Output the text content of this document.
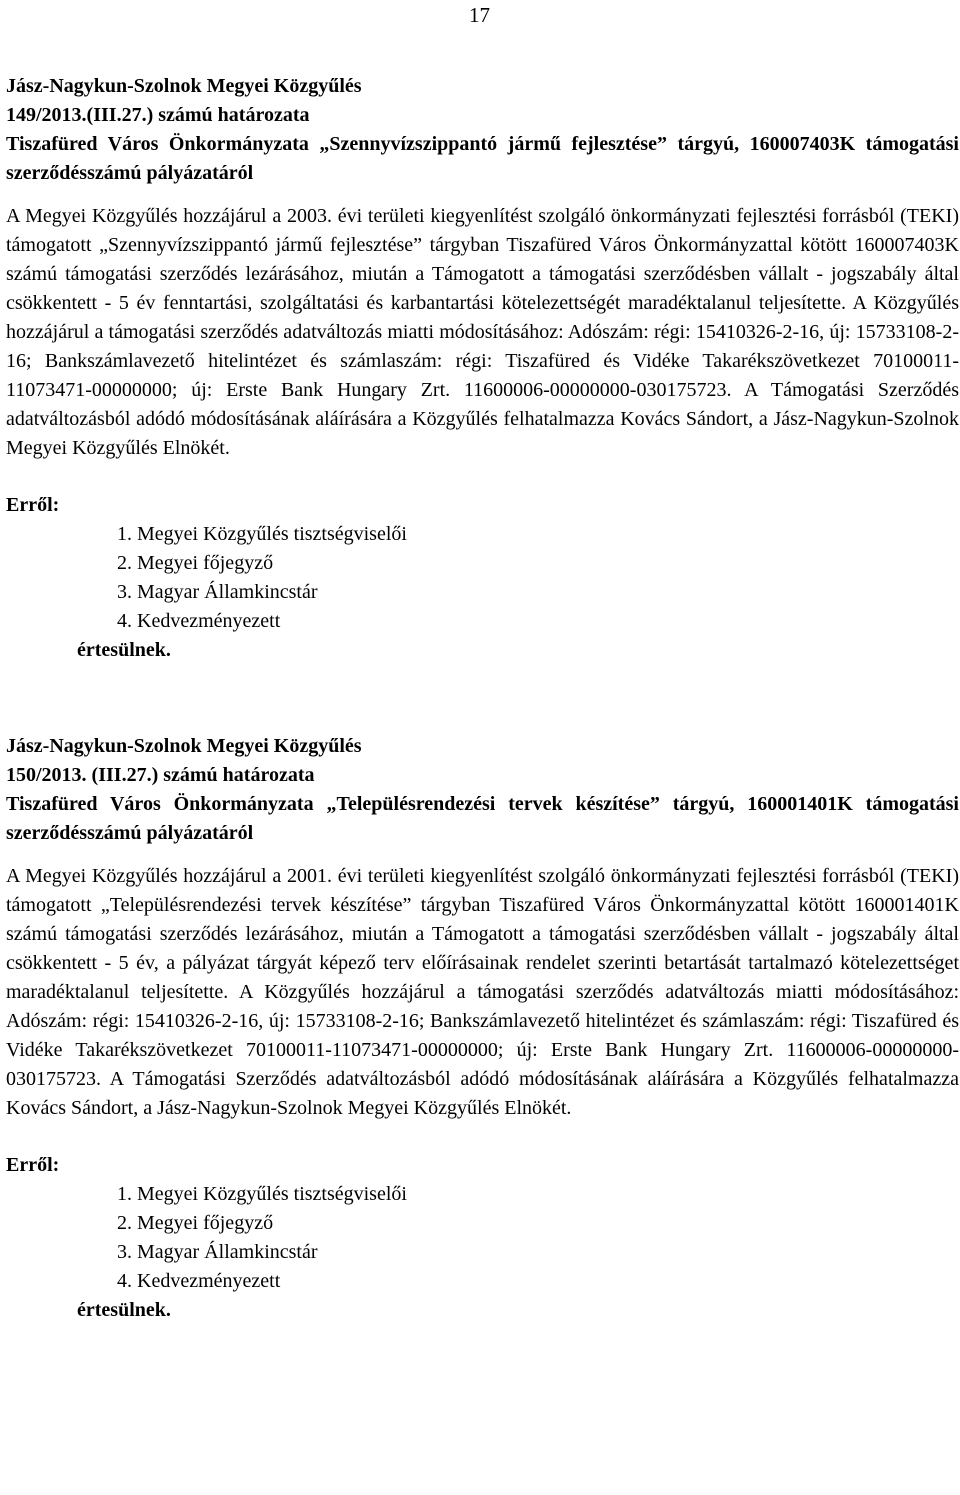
17

Jász-Nagykun-Szolnok Megyei Közgyűlés

149/2013.(III.27.) számú határozata

Tiszafüred Város Önkormányzata „Szennyvízszippantó jármű fejlesztése” tárgyú, 160007403K támogatási szerződésszámú pályázatáról

A Megyei Közgyűlés hozzájárul a 2003. évi területi kiegyenlítést szolgáló önkormányzati fejlesztési forrásból (TEKI) támogatott „Szennyvízszippantó jármű fejlesztése” tárgyban Tiszafüred Város Önkormányzattal kötött 160007403K számú támogatási szerződés lezárásához, miután a Támogatott a támogatási szerződésben vállalt - jogszabály által csökkentett - 5 év fenntartási, szolgáltatási és karbantartási kötelezettségét maradéktalanul teljesítette. A Közgyűlés hozzájárul a támogatási szerződés adatváltozás miatti módosításához: Adószám: régi: 15410326-2-16, új: 15733108-2-16; Bankszámlavezető hitelintézet és számlaszám: régi: Tiszafüred és Vidéke Takarékszövetkezet 70100011-11073471-00000000; új: Erste Bank Hungary Zrt. 11600006-00000000-030175723. A Támogatási Szerződés adatváltozásból adódó módosításának aláírására a Közgyűlés felhatalmazza Kovács Sándort, a Jász-Nagykun-Szolnok Megyei Közgyűlés Elnökét.

Erről:

1. Megyei Közgyűlés tisztségviselői
2. Megyei főjegyző
3. Magyar Államkincstár
4. Kedvezményezett

értesülnek.

Jász-Nagykun-Szolnok Megyei Közgyűlés

150/2013. (III.27.) számú határozata

Tiszafüred Város Önkormányzata „Településrendezési tervek készítése” tárgyú, 160001401K támogatási szerződésszámú pályázatáról

A Megyei Közgyűlés hozzájárul a 2001. évi területi kiegyenlítést szolgáló önkormányzati fejlesztési forrásból (TEKI) támogatott „Településrendezési tervek készítése” tárgyban Tiszafüred Város Önkormányzattal kötött 160001401K számú támogatási szerződés lezárásához, miután a Támogatott a támogatási szerződésben vállalt - jogszabály által csökkentett - 5 év, a pályázat tárgyát képező terv előírásainak rendelet szerinti betartását tartalmazó kötelezettséget maradéktalanul teljesítette. A Közgyűlés hozzájárul a támogatási szerződés adatváltozás miatti módosításához: Adószám: régi: 15410326-2-16, új: 15733108-2-16; Bankszámlavezető hitelintézet és számlaszám: régi: Tiszafüred és Vidéke Takarékszövetkezet 70100011-11073471-00000000; új: Erste Bank Hungary Zrt. 11600006-00000000-030175723. A Támogatási Szerződés adatváltozásból adódó módosításának aláírására a Közgyűlés felhatalmazza Kovács Sándort, a Jász-Nagykun-Szolnok Megyei Közgyűlés Elnökét.

Erről:

1. Megyei Közgyűlés tisztségviselői
2. Megyei főjegyző
3. Magyar Államkincstár
4. Kedvezményezett

értesülnek.
